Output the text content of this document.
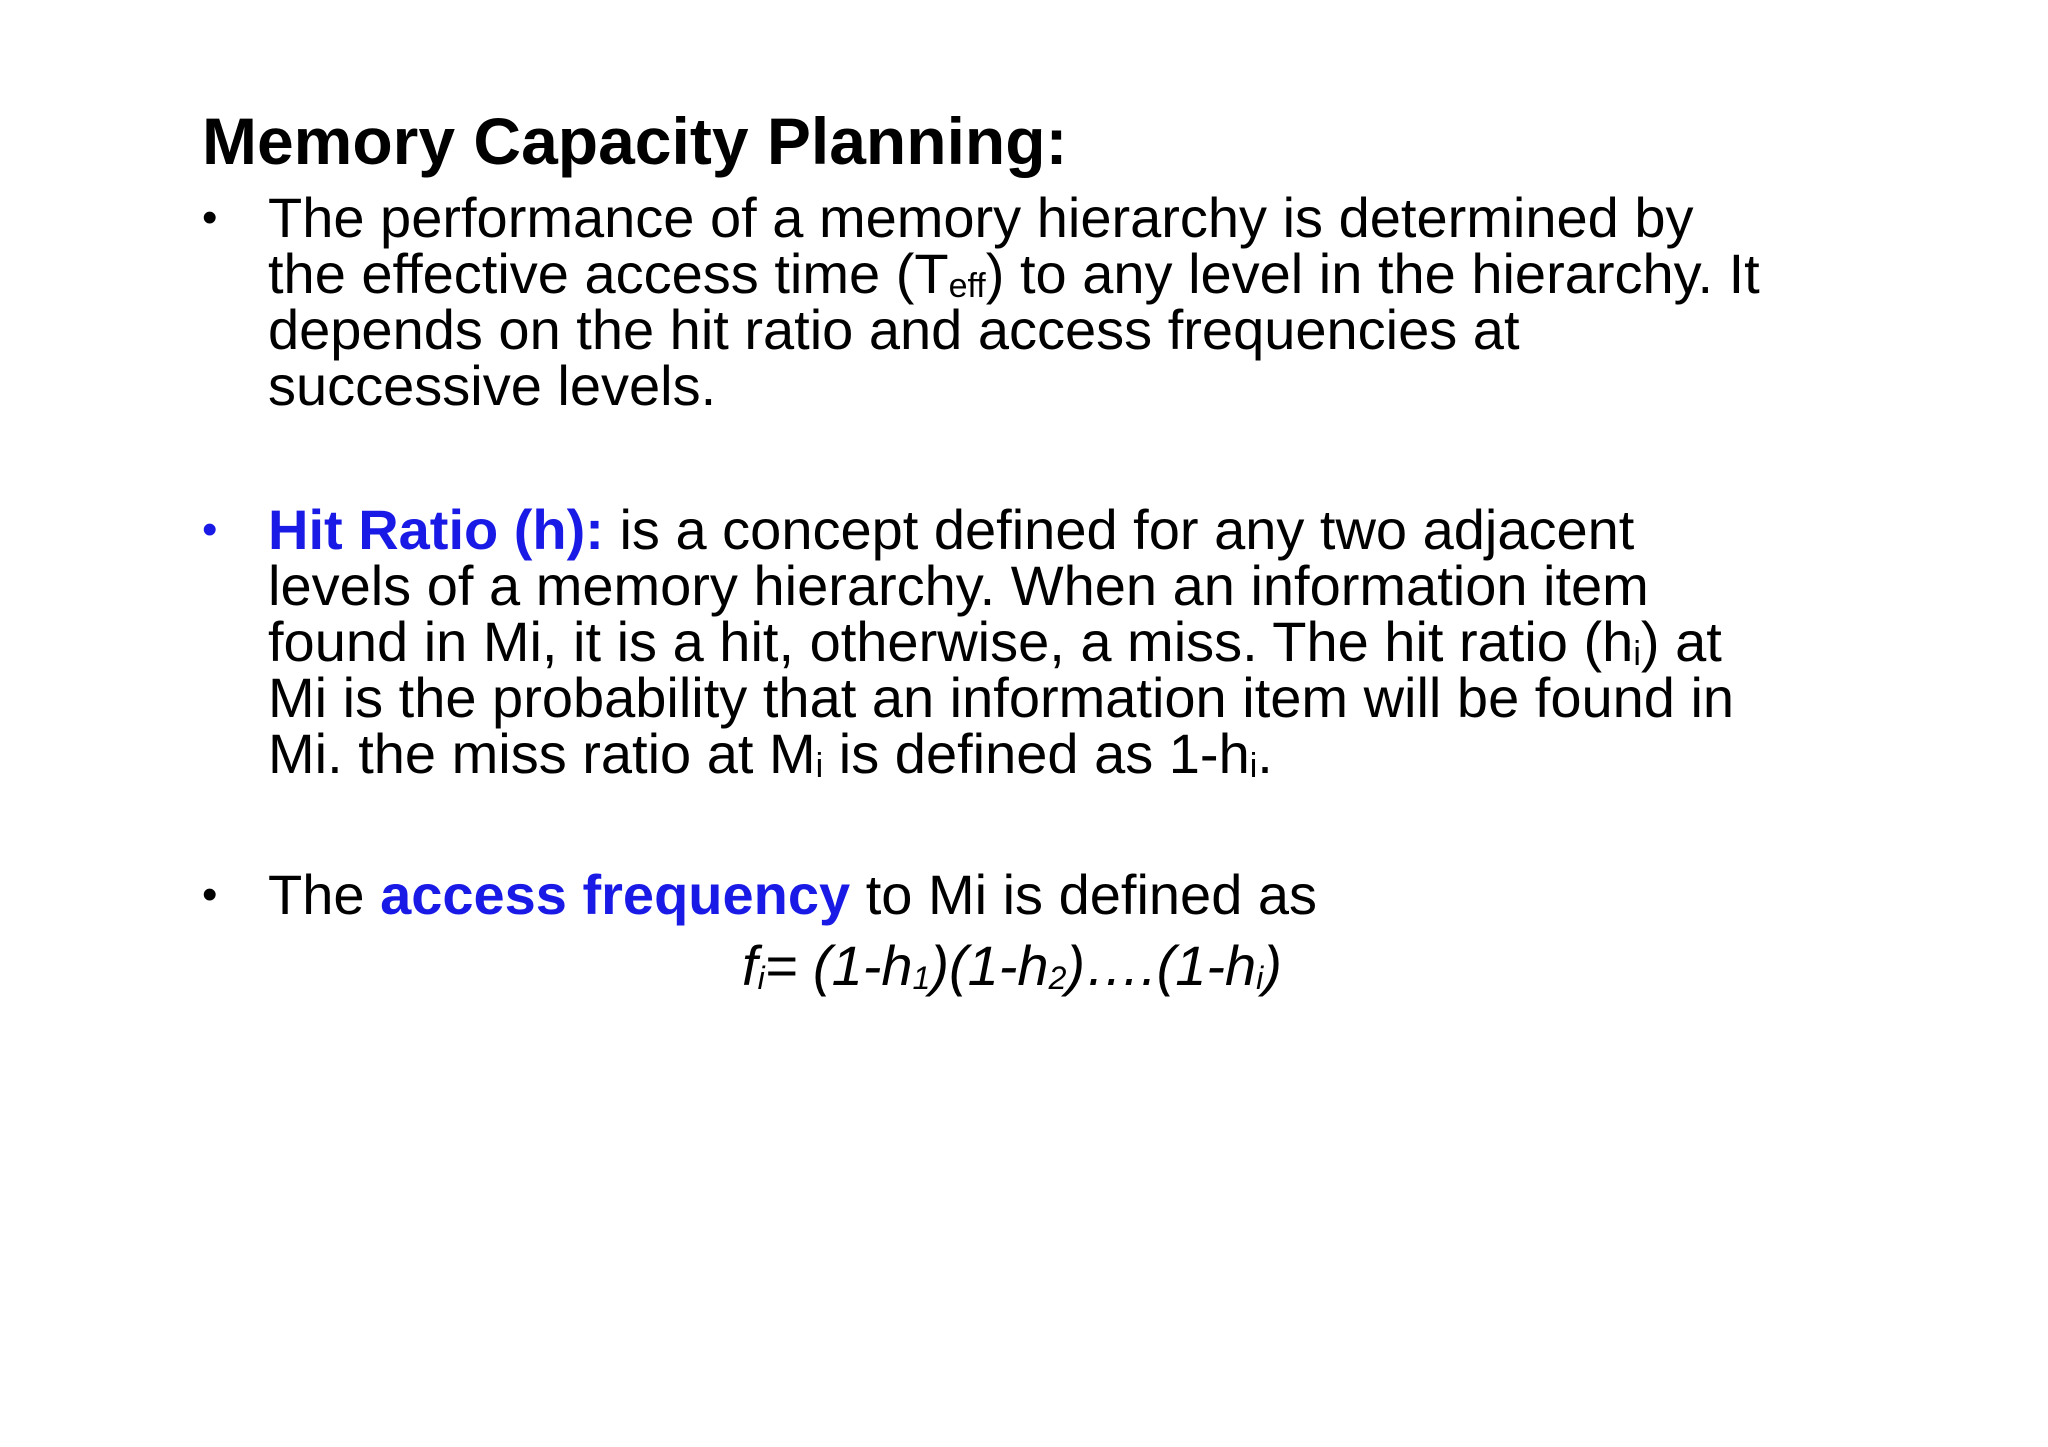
Memory Capacity Planning:
• The performance of a memory hierarchy is determined by
the effective access time (Teff) to any level in the hierarchy. It
depends on the hit ratio and access frequencies at
successive levels.
• Hit Ratio (h): is a concept defined for any two adjacent
levels of a memory hierarchy. When an information item
found in Mi, it is a hit, otherwise, a miss. The hit ratio (hi) at
Mi is the probability that an information item will be found in
Mi. the miss ratio at Mi is defined as 1-hi.
• The access frequency to Mi is defined as
fi= (1-h1)(1-h2)….(1-hi)
